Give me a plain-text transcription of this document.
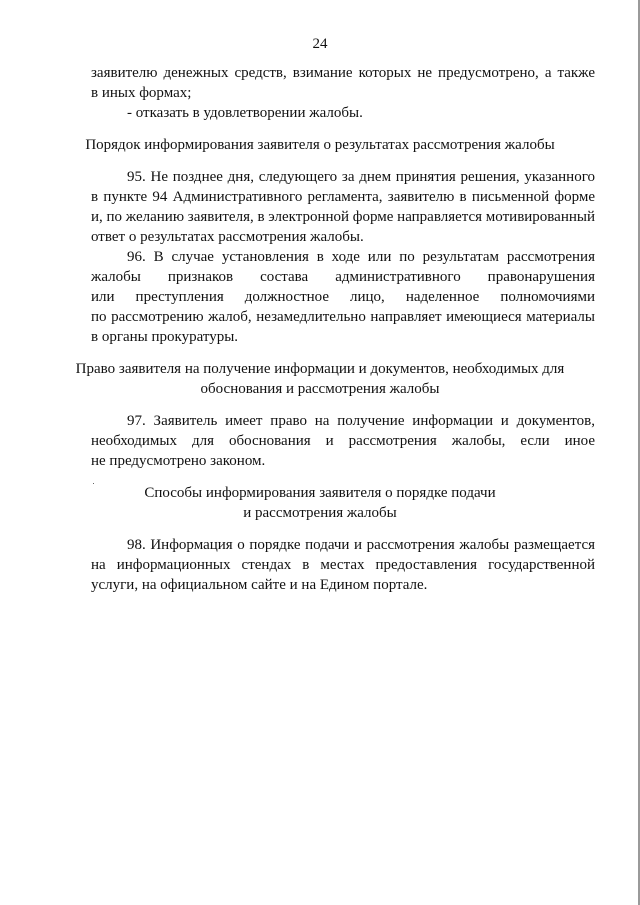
24
заявителю денежных средств, взимание которых не предусмотрено, а также
в иных формах;
- отказать в удовлетворении жалобы.
Порядок информирования заявителя о результатах рассмотрения жалобы
95. Не позднее дня, следующего за днем принятия решения, указанного
в пункте 94 Административного регламента, заявителю в письменной форме
и, по желанию заявителя, в электронной форме направляется мотивированный
ответ о результатах рассмотрения жалобы.
96. В случае установления в ходе или по результатам рассмотрения
жалобы признаков состава административного правонарушения
или преступления должностное лицо, наделенное полномочиями
по рассмотрению жалоб, незамедлительно направляет имеющиеся материалы
в органы прокуратуры.
Право заявителя на получение информации и документов, необходимых для
обоснования и рассмотрения жалобы
97. Заявитель имеет право на получение информации и документов,
необходимых для обоснования и рассмотрения жалобы, если иное
не предусмотрено законом.
Способы информирования заявителя о порядке подачи
и рассмотрения жалобы
98. Информация о порядке подачи и рассмотрения жалобы размещается
на информационных стендах в местах предоставления государственной
услуги, на официальном сайте и на Едином портале.
